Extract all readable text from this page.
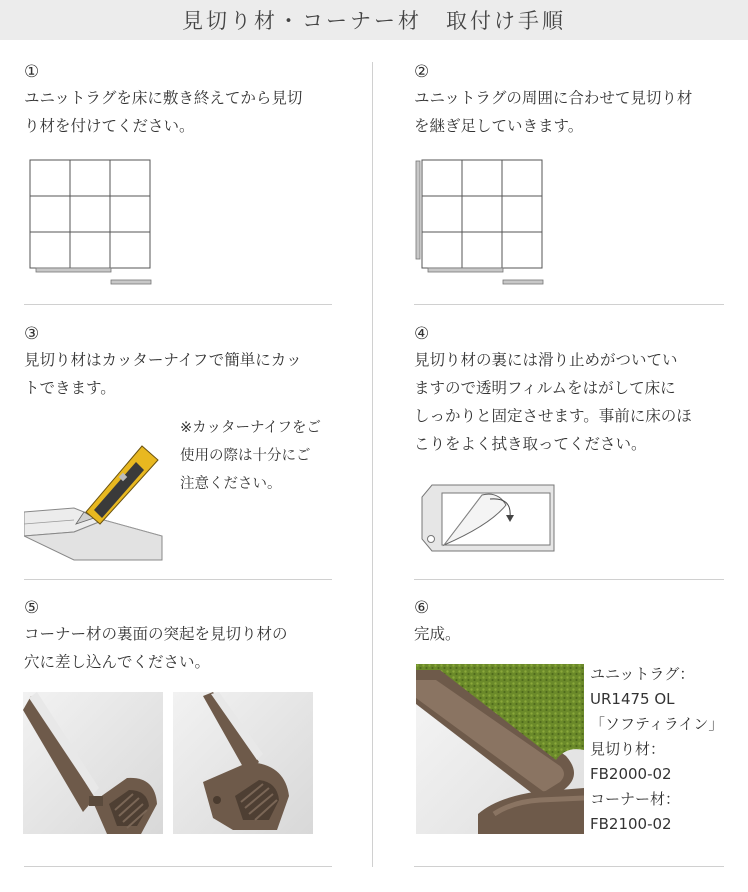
見切り材・コーナー材　取付け手順
①
ユニットラグを床に敷き終えてから見切
り材を付けてください。
②
ユニットラグの周囲に合わせて見切り材
を継ぎ足していきます。
③
見切り材はカッターナイフで簡単にカッ
トできます。
※カッターナイフをご
使用の際は十分にご
注意ください。
④
見切り材の裏には滑り止めがついてい
ますので透明フィルムをはがして床に
しっかりと固定させます。事前に床のほ
こりをよく拭き取ってください。
⑤
コーナー材の裏面の突起を見切り材の
穴に差し込んでください。
⑥
完成。
ユニットラグ：
UR1475 OL
「ソフティライン」
見切り材：
FB2000-02
コーナー材：
FB2100-02
